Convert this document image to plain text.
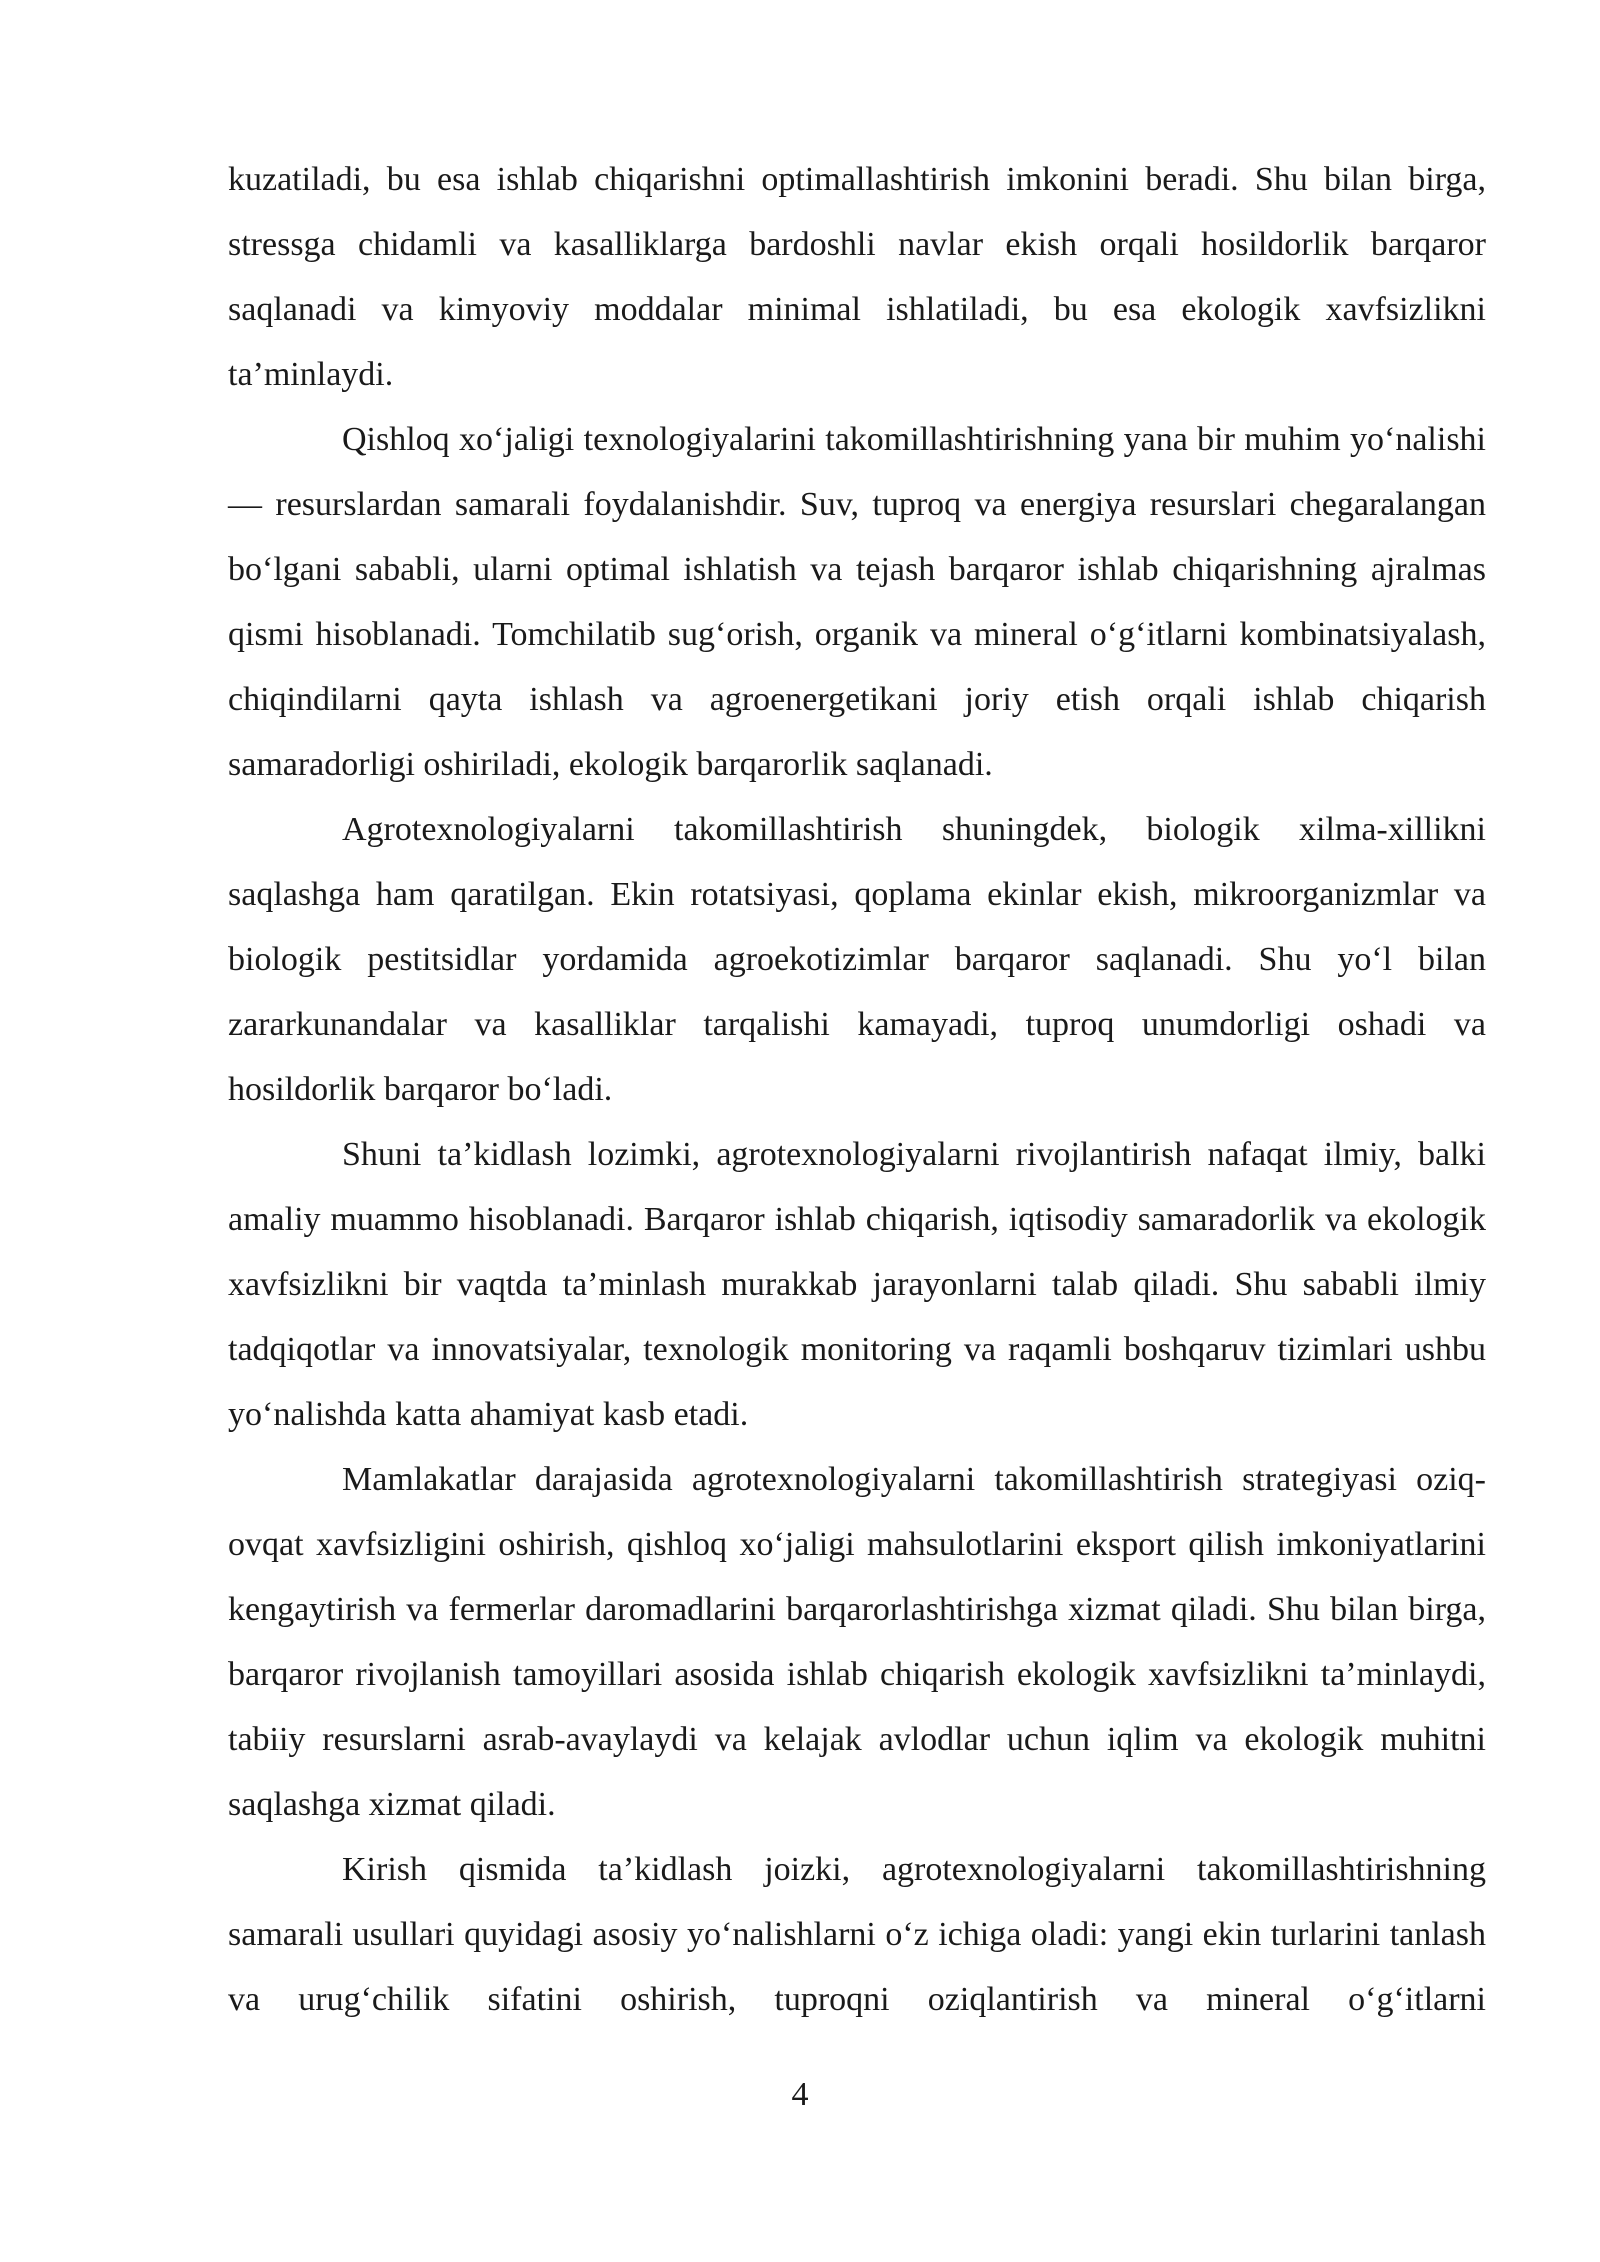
kuzatiladi, bu esa ishlab chiqarishni optimallashtirish imkonini beradi. Shu bilan birga, stressga chidamli va kasalliklarga bardoshli navlar ekish orqali hosildorlik barqaror saqlanadi va kimyoviy moddalar minimal ishlatiladi, bu esa ekologik xavfsizlikni ta’minlaydi.

Qishloq xo‘jaligi texnologiyalarini takomillashtirishning yana bir muhim yo‘nalishi — resurslardan samarali foydalanishdir. Suv, tuproq va energiya resurslari chegaralangan bo‘lgani sababli, ularni optimal ishlatish va tejash barqaror ishlab chiqarishning ajralmas qismi hisoblanadi. Tomchilatib sug‘orish, organik va mineral o‘g‘itlarni kombinatsiyalash, chiqindilarni qayta ishlash va agroenergetikani joriy etish orqali ishlab chiqarish samaradorligi oshiriladi, ekologik barqarorlik saqlanadi.

Agrotexnologiyalarni takomillashtirish shuningdek, biologik xilma-xillikni saqlashga ham qaratilgan. Ekin rotatsiyasi, qoplama ekinlar ekish, mikroorganizmlar va biologik pestitsidlar yordamida agroekotizimlar barqaror saqlanadi. Shu yo‘l bilan zararkunandalar va kasalliklar tarqalishi kamayadi, tuproq unumdorligi oshadi va hosildorlik barqaror bo‘ladi.

Shuni ta’kidlash lozimki, agrotexnologiyalarni rivojlantirish nafaqat ilmiy, balki amaliy muammo hisoblanadi. Barqaror ishlab chiqarish, iqtisodiy samaradorlik va ekologik xavfsizlikni bir vaqtda ta’minlash murakkab jarayonlarni talab qiladi. Shu sababli ilmiy tadqiqotlar va innovatsiyalar, texnologik monitoring va raqamli boshqaruv tizimlari ushbu yo‘nalishda katta ahamiyat kasb etadi.

Mamlakatlar darajasida agrotexnologiyalarni takomillashtirish strategiyasi oziq-ovqat xavfsizligini oshirish, qishloq xo‘jaligi mahsulotlarini eksport qilish imkoniyatlarini kengaytirish va fermerlar daromadlarini barqarorlashtirishga xizmat qiladi. Shu bilan birga, barqaror rivojlanish tamoyillari asosida ishlab chiqarish ekologik xavfsizlikni ta’minlaydi, tabiiy resurslarni asrab-avaylaydi va kelajak avlodlar uchun iqlim va ekologik muhitni saqlashga xizmat qiladi.

Kirish qismida ta’kidlash joizki, agrotexnologiyalarni takomillashtirishning samarali usullari quyidagi asosiy yo‘nalishlarni o‘z ichiga oladi: yangi ekin turlarini tanlash va urug‘chilik sifatini oshirish, tuproqni oziqlantirish va mineral o‘g‘itlarni

4
